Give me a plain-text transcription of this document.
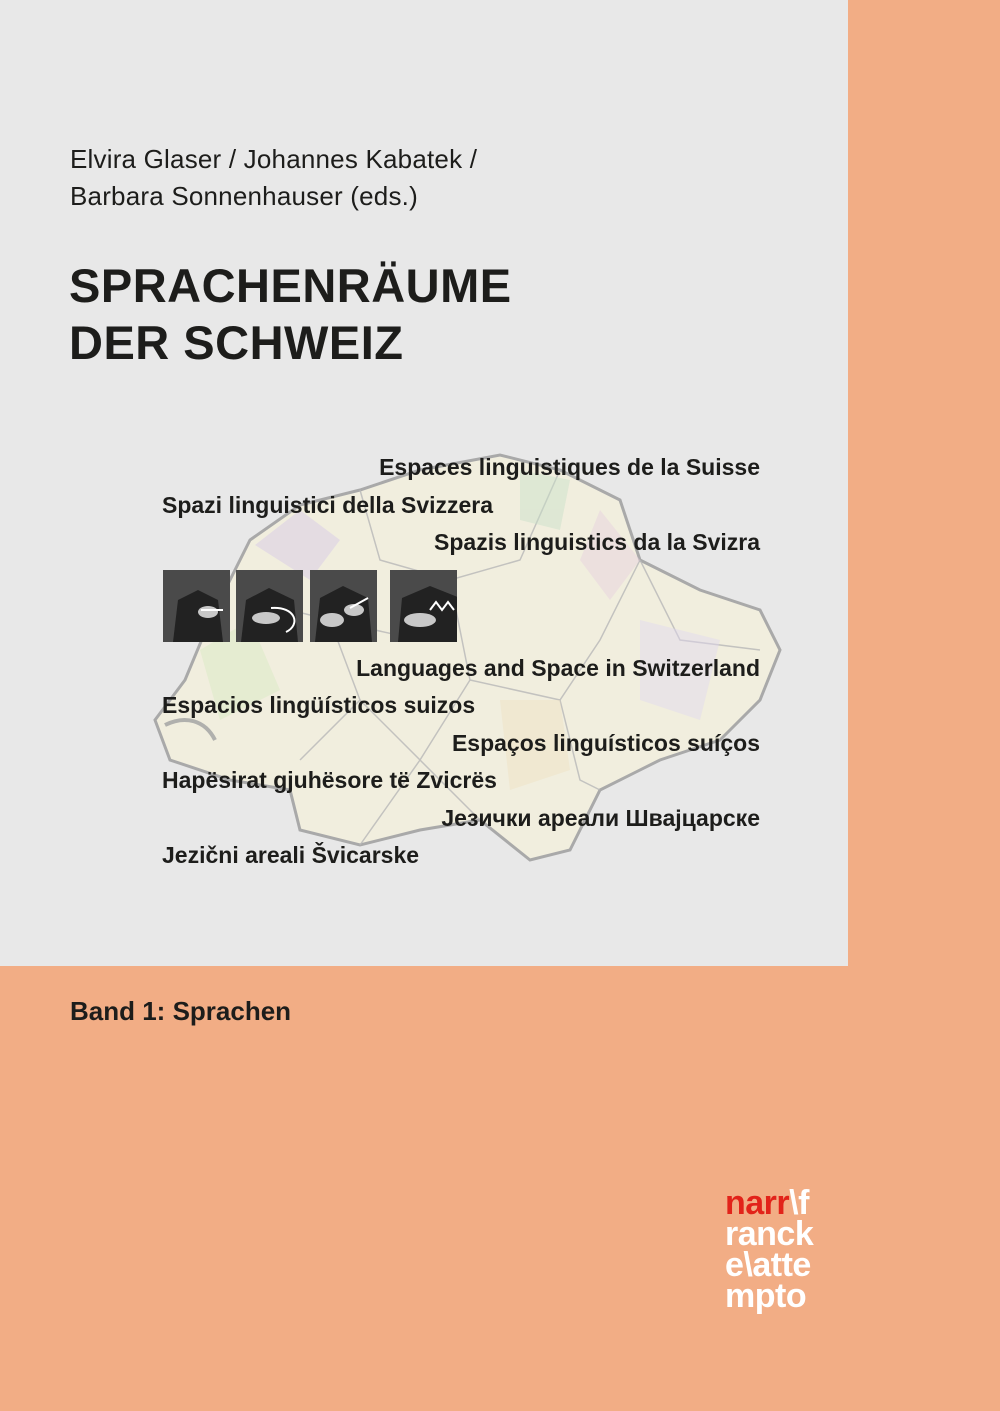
Elvira Glaser / Johannes Kabatek /
Barbara Sonnenhauser (eds.)
SPRACHENRÄUME
DER SCHWEIZ
Espaces linguistiques de la Suisse
Spazi linguistici della Svizzera
Spazis linguistics da la Svizra
Languages and Space in Switzerland
Espacios lingüísticos suizos
Espaços linguísticos suíços
Hapësirat gjuhësore të Zvicrës
Језички ареали Швајцарске
Jezični areali Švicarske
Band 1: Sprachen
narr\f
ranck
e\atte
mpto
